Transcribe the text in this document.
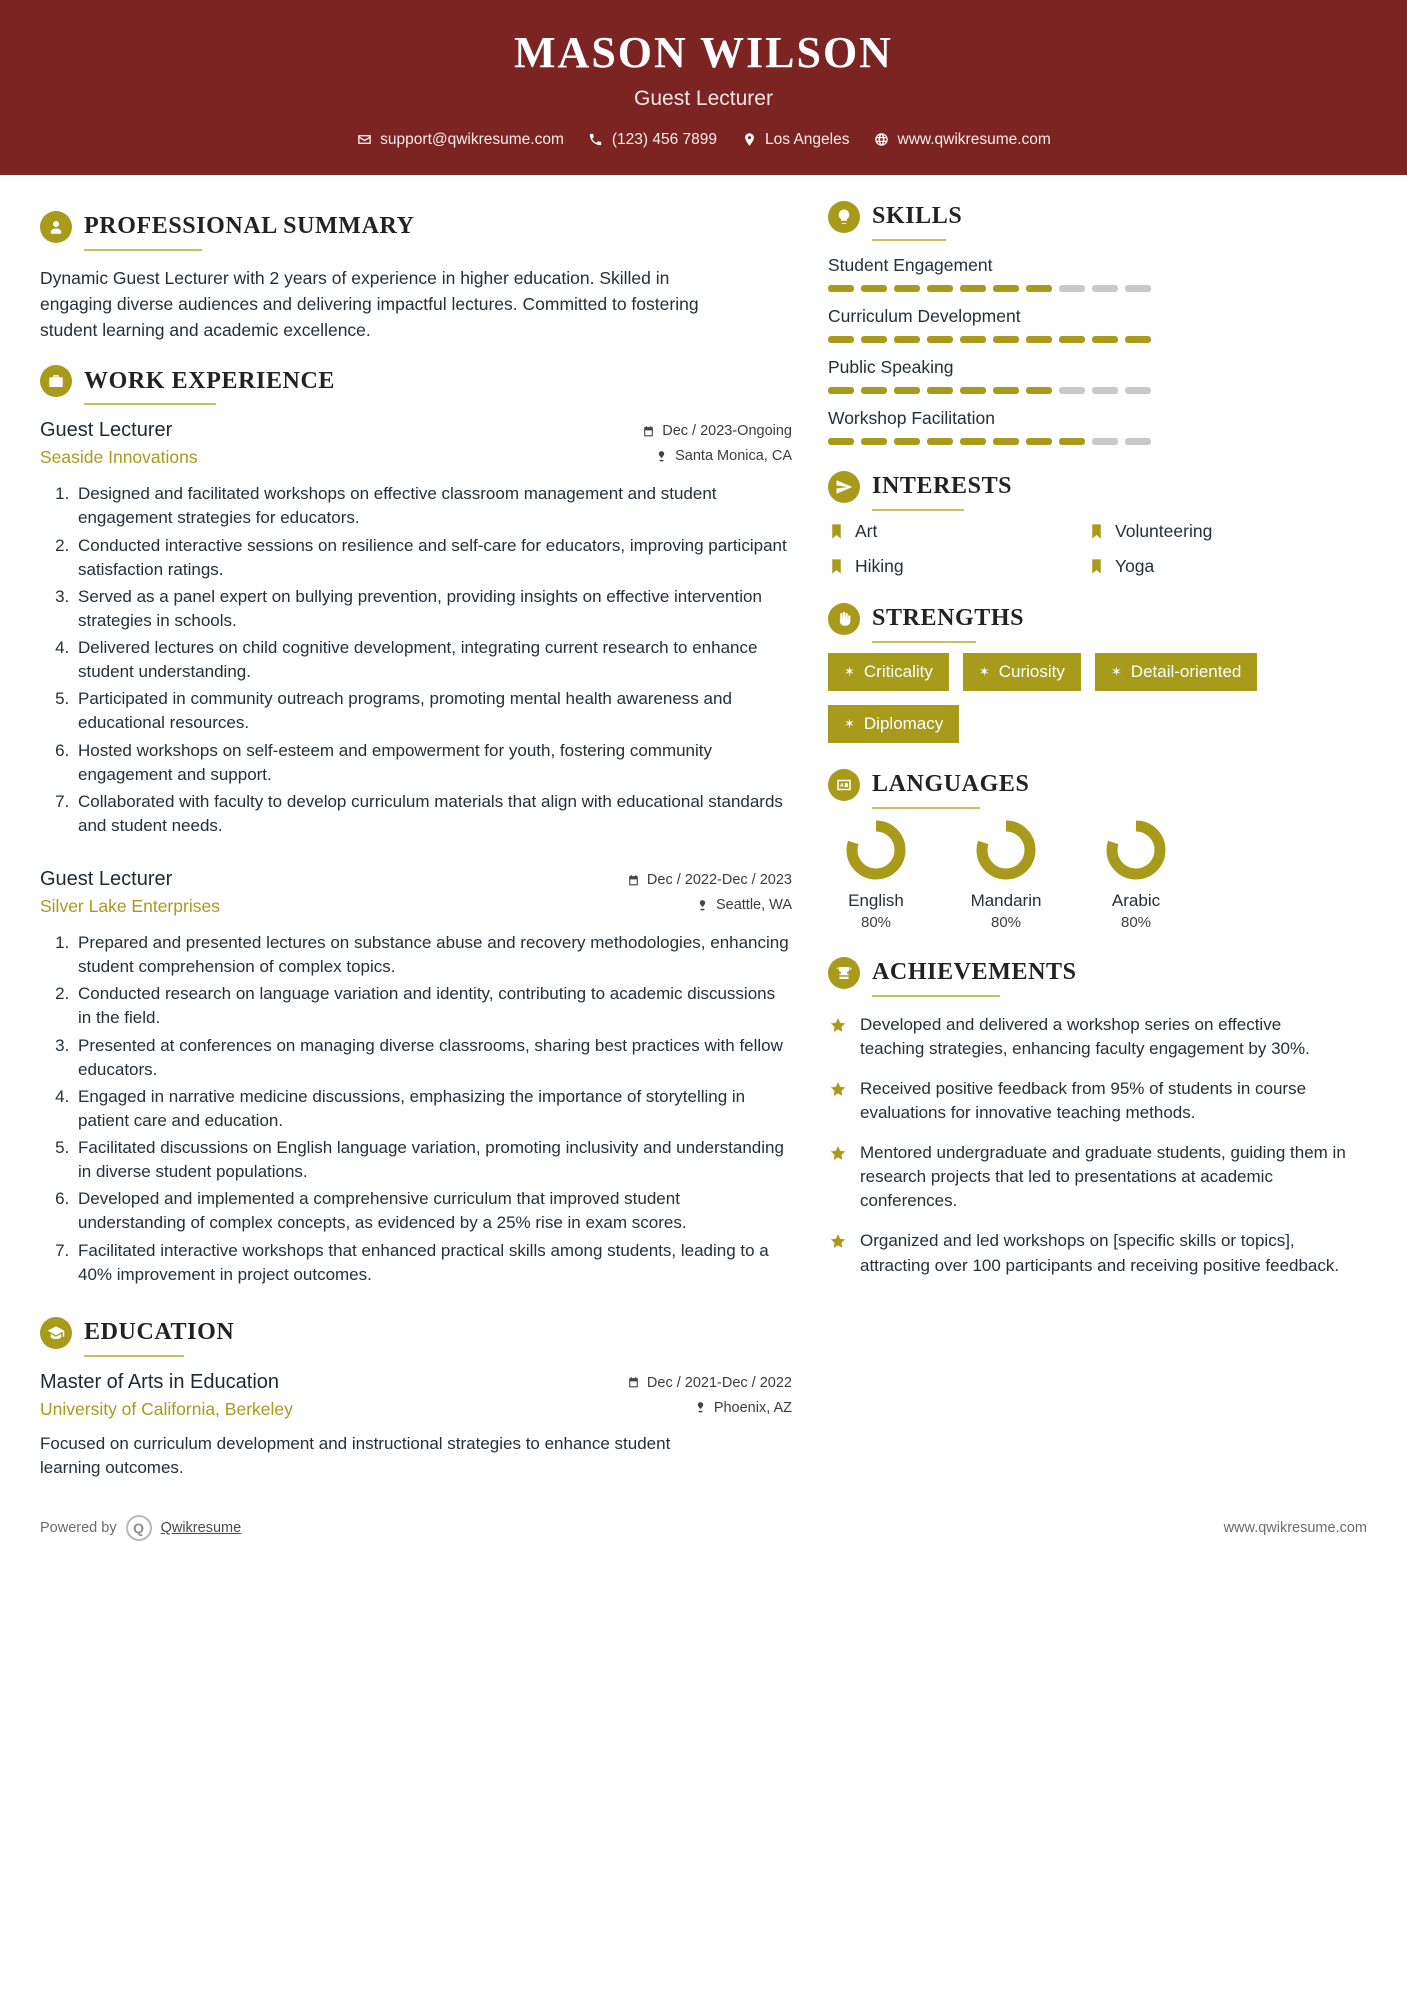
MASON WILSON
Guest Lecturer
support@qwikresume.com	(123) 456 7899	Los Angeles	www.qwikresume.com
PROFESSIONAL SUMMARY
Dynamic Guest Lecturer with 2 years of experience in higher education. Skilled in engaging diverse audiences and delivering impactful lectures. Committed to fostering student learning and academic excellence.
WORK EXPERIENCE
Guest Lecturer
Seaside Innovations
Dec / 2023-Ongoing
Santa Monica, CA
1. Designed and facilitated workshops on effective classroom management and student engagement strategies for educators.
2. Conducted interactive sessions on resilience and self-care for educators, improving participant satisfaction ratings.
3. Served as a panel expert on bullying prevention, providing insights on effective intervention strategies in schools.
4. Delivered lectures on child cognitive development, integrating current research to enhance student understanding.
5. Participated in community outreach programs, promoting mental health awareness and educational resources.
6. Hosted workshops on self-esteem and empowerment for youth, fostering community engagement and support.
7. Collaborated with faculty to develop curriculum materials that align with educational standards and student needs.
Guest Lecturer
Silver Lake Enterprises
Dec / 2022-Dec / 2023
Seattle, WA
1. Prepared and presented lectures on substance abuse and recovery methodologies, enhancing student comprehension of complex topics.
2. Conducted research on language variation and identity, contributing to academic discussions in the field.
3. Presented at conferences on managing diverse classrooms, sharing best practices with fellow educators.
4. Engaged in narrative medicine discussions, emphasizing the importance of storytelling in patient care and education.
5. Facilitated discussions on English language variation, promoting inclusivity and understanding in diverse student populations.
6. Developed and implemented a comprehensive curriculum that improved student understanding of complex concepts, as evidenced by a 25% rise in exam scores.
7. Facilitated interactive workshops that enhanced practical skills among students, leading to a 40% improvement in project outcomes.
EDUCATION
Master of Arts in Education
University of California, Berkeley
Dec / 2021-Dec / 2022
Phoenix, AZ
Focused on curriculum development and instructional strategies to enhance student learning outcomes.
SKILLS
Student Engagement
Curriculum Development
Public Speaking
Workshop Facilitation
INTERESTS
Art	Volunteering
Hiking	Yoga
STRENGTHS
✶ Criticality	✶ Curiosity	✶ Detail-oriented
✶ Diplomacy
LANGUAGES
English
80%
Mandarin
80%
Arabic
80%
ACHIEVEMENTS
Developed and delivered a workshop series on effective teaching strategies, enhancing faculty engagement by 30%.
Received positive feedback from 95% of students in course evaluations for innovative teaching methods.
Mentored undergraduate and graduate students, guiding them in research projects that led to presentations at academic conferences.
Organized and led workshops on [specific skills or topics], attracting over 100 participants and receiving positive feedback.
Powered by	Q	Qwikresume	www.qwikresume.com
